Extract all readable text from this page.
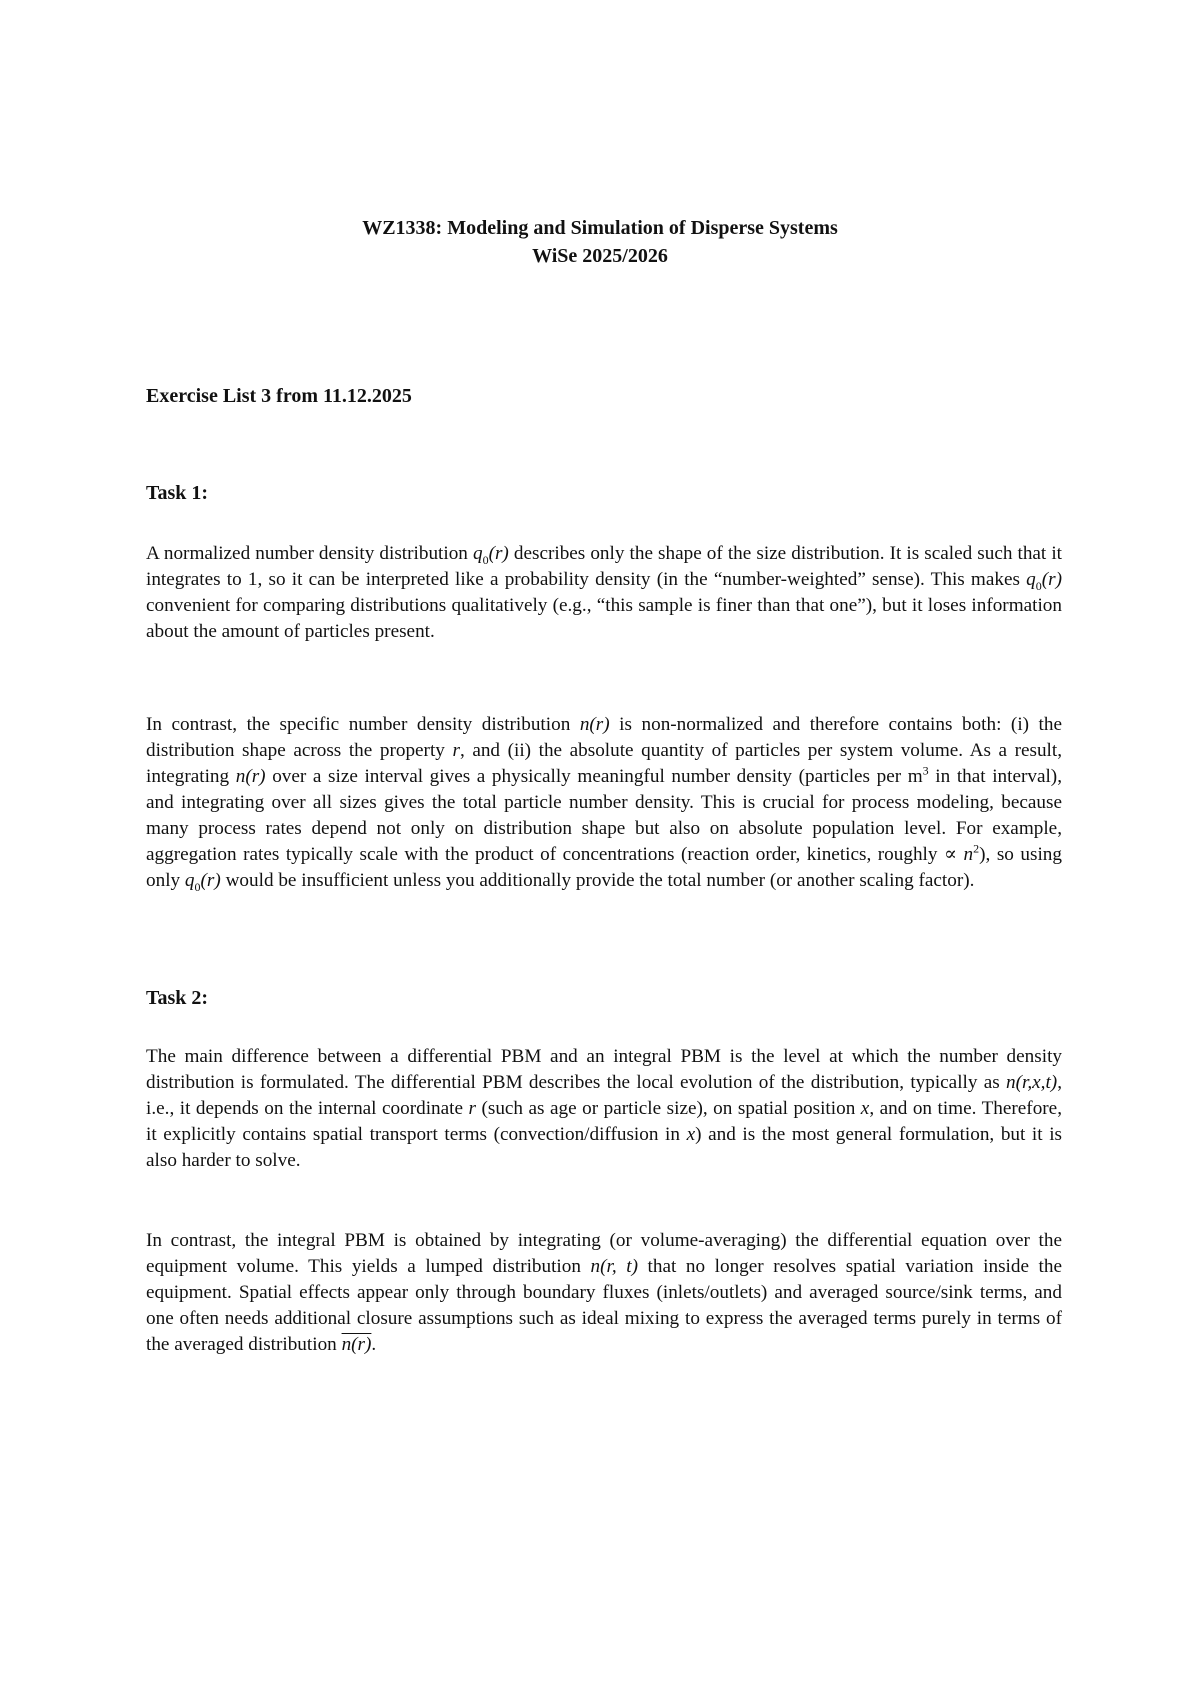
WZ1338: Modeling and Simulation of Disperse Systems
WiSe 2025/2026
Exercise List 3 from 11.12.2025
Task 1:
A normalized number density distribution $q_0(r)$ describes only the shape of the size distribution. It is scaled such that it integrates to 1, so it can be interpreted like a probability density (in the “number-weighted” sense). This makes $q_0(r)$ convenient for comparing distributions qualitatively (e.g., “this sample is finer than that one”), but it loses information about the amount of particles present.
In contrast, the specific number density distribution n(r) is non-normalized and therefore contains both: (i) the distribution shape across the property r, and (ii) the absolute quantity of particles per system volume. As a result, integrating n(r) over a size interval gives a physically meaningful number density (particles per $m^3$ in that interval), and integrating over all sizes gives the total particle number density. This is crucial for process modeling, because many process rates depend not only on distribution shape but also on absolute population level. For example, aggregation rates typically scale with the product of concentrations (reaction order, kinetics, roughly ∝ $n^2$), so using only $q_0(r)$ would be insufficient unless you additionally provide the total number (or another scaling factor).
Task 2:
The main difference between a differential PBM and an integral PBM is the level at which the number density distribution is formulated. The differential PBM describes the local evolution of the distribution, typically as n(r,x,t), i.e., it depends on the internal coordinate r (such as age or particle size), on spatial position x, and on time. Therefore, it explicitly contains spatial transport terms (convection/diffusion in x) and is the most general formulation, but it is also harder to solve.
In contrast, the integral PBM is obtained by integrating (or volume-averaging) the differential equation over the equipment volume. This yields a lumped distribution n(r, t) that no longer resolves spatial variation inside the equipment. Spatial effects appear only through boundary fluxes (inlets/outlets) and averaged source/sink terms, and one often needs additional closure assumptions such as ideal mixing to express the averaged terms purely in terms of the averaged distribution n(r).
